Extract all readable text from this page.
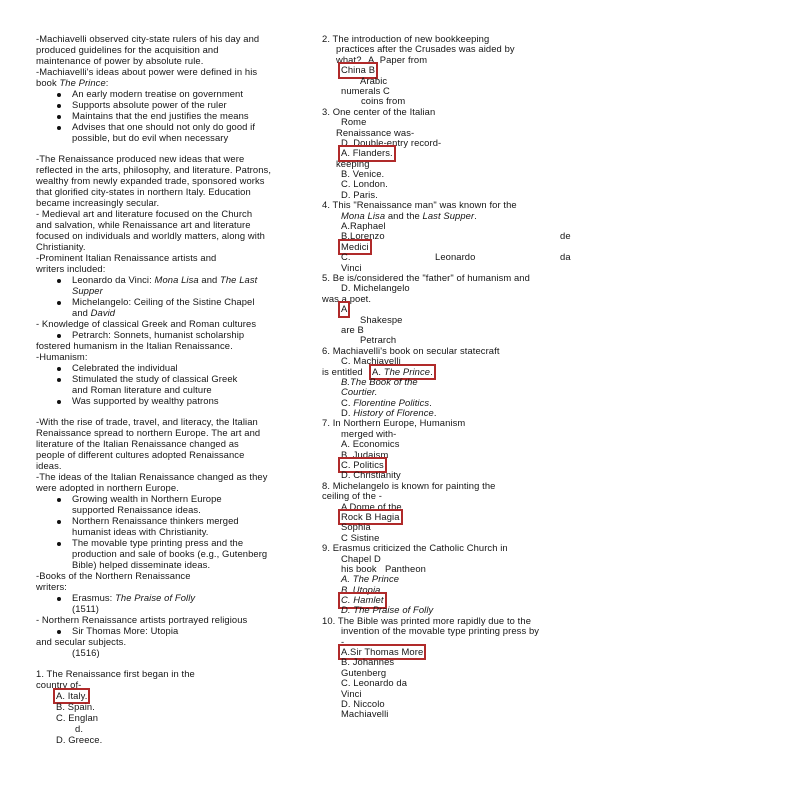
-Machiavelli observed city-state rulers of his day and
produced guidelines for the acquisition and
maintenance of power by absolute rule.
-Machiavelli's ideas about power were defined in his
book The Prince:
An early modern treatise on government
Supports absolute power of the ruler
Maintains that the end justifies the means
Advises that one should not only do good if
possible, but do evil when necessary
-The Renaissance produced new ideas that were
reflected in the arts, philosophy, and literature. Patrons,
wealthy from newly expanded trade, sponsored works
that glorified city-states in northern Italy. Education
became increasingly secular.
- Medieval art and literature focused on the Church
and salvation, while Renaissance art and literature
focused on individuals and worldly matters, along with
Christianity.
-Prominent Italian Renaissance artists and
writers included:
Leonardo da Vinci: Mona Lisa and The Last
Supper
Michelangelo: Ceiling of the Sistine Chapel
and David
- Knowledge of classical Greek and Roman cultures
Petrarch: Sonnets, humanist scholarship
fostered humanism in the Italian Renaissance.
-Humanism:
Celebrated the individual
Stimulated the study of classical Greek
and Roman literature and culture
Was supported by wealthy patrons
-With the rise of trade, travel, and literacy, the Italian
Renaissance spread to northern Europe. The art and
literature of the Italian Renaissance changed as
people of different cultures adopted Renaissance
ideas.
-The ideas of the Italian Renaissance changed as they
were adopted in northern Europe.
Growing wealth in Northern Europe
supported Renaissance ideas.
Northern Renaissance thinkers merged
humanist ideas with Christianity.
The movable type printing press and the
production and sale of books (e.g., Gutenberg
Bible) helped disseminate ideas.
-Books of the Northern Renaissance
writers:
Erasmus: The Praise of Folly
(1511)
- Northern Renaissance artists portrayed religious
Sir Thomas More: Utopia
and secular subjects.
(1516)
1. The Renaissance first began in the
country of-
A. Italy.
B. Spain.
C. Englan
d.
D. Greece.
2. The introduction of new bookkeeping
practices after the Crusades was aided by
what? A. Paper from
China B
Arabic
numerals C
coins from
3. One center of the Italian
Rome
Renaissance was-
D. Double-entry record-
A. Flanders.
keeping
B. Venice.
C. London.
D. Paris.
4. This "Renaissance man" was known for the
Mona Lisa and the Last Supper.
A.Raphael
B.Lorenzo	de
Medici
C.	Leonardo	da
Vinci
5. Be is/considered the "father" of humanism and
D. Michelangelo
was a poet.
A
Shakespe
are B
Petrarch
6. Machiavelli's book on secular statecraft
C. Machiavelli
is entitled A. The Prince.
B.The Book of the
Courtier.
C. Florentine Politics.
D. History of Florence.
7. In Northern Europe, Humanism
merged with-
A. Economics
B. Judaism
C. Politics
D. Christianity
8. Michelangelo is known for painting the
ceiling of the -
A Dome of the
Rock B Hagia
Sophia
C Sistine
9. Erasmus criticized the Catholic Church in
Chapel D
his book Pantheon
A. The Prince
B. Utopia
C. Hamlet
D. The Praise of Folly
10. The Bible was printed more rapidly due to the
invention of the movable type printing press by
-
A.Sir Thomas More
B. Johannes
Gutenberg
C. Leonardo da
Vinci
D. Niccolo
Machiavelli
